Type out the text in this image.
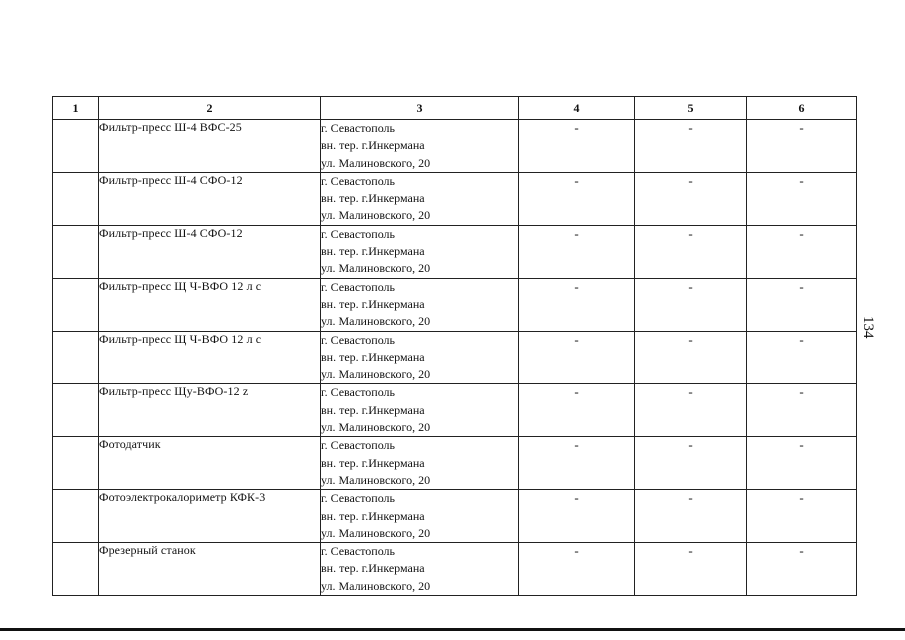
1	2	3	4	5	6
	Фильтр-пресс Ш-4 ВФС-25	г. Севастополь
вн. тер. г.Инкермана
ул. Малиновского, 20	-	-	-
	Фильтр-пресс Ш-4 СФО-12	г. Севастополь
вн. тер. г.Инкермана
ул. Малиновского, 20	-	-	-
	Фильтр-пресс Ш-4 СФО-12	г. Севастополь
вн. тер. г.Инкермана
ул. Малиновского, 20	-	-	-
	Фильтр-пресс Щ Ч-ВФО 12 л с	г. Севастополь
вн. тер. г.Инкермана
ул. Малиновского, 20	-	-	-
	Фильтр-пресс Щ Ч-ВФО 12 л с	г. Севастополь
вн. тер. г.Инкермана
ул. Малиновского, 20	-	-	-
	Фильтр-пресс Щу-ВФО-12 z	г. Севастополь
вн. тер. г.Инкермана
ул. Малиновского, 20	-	-	-
	Фотодатчик	г. Севастополь
вн. тер. г.Инкермана
ул. Малиновского, 20	-	-	-
	Фотоэлектрокалориметр КФК-3	г. Севастополь
вн. тер. г.Инкермана
ул. Малиновского, 20	-	-	-
	Фрезерный станок	г. Севастополь
вн. тер. г.Инкермана
ул. Малиновского, 20	-	-	-
134
